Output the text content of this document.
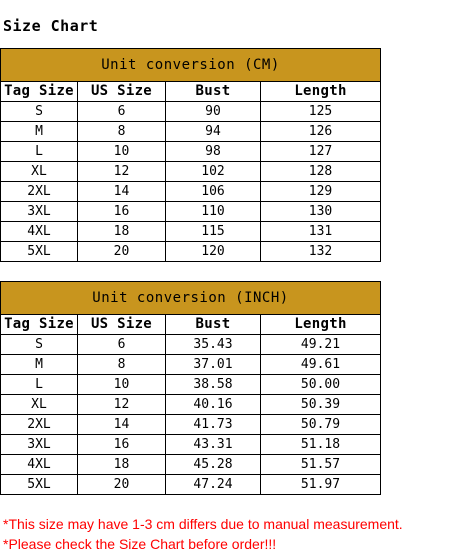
Size Chart
Unit conversion (CM)			
Tag Size	US Size	Bust	Length
S	6	90	125
M	8	94	126
L	10	98	127
XL	12	102	128
2XL	14	106	129
3XL	16	110	130
4XL	18	115	131
5XL	20	120	132
Unit conversion (INCH)			
Tag Size	US Size	Bust	Length
S	6	35.43	49.21
M	8	37.01	49.61
L	10	38.58	50.00
XL	12	40.16	50.39
2XL	14	41.73	50.79
3XL	16	43.31	51.18
4XL	18	45.28	51.57
5XL	20	47.24	51.97
*This size may have 1-3 cm differs due to manual measurement.
*Please check the Size Chart before order!!!
